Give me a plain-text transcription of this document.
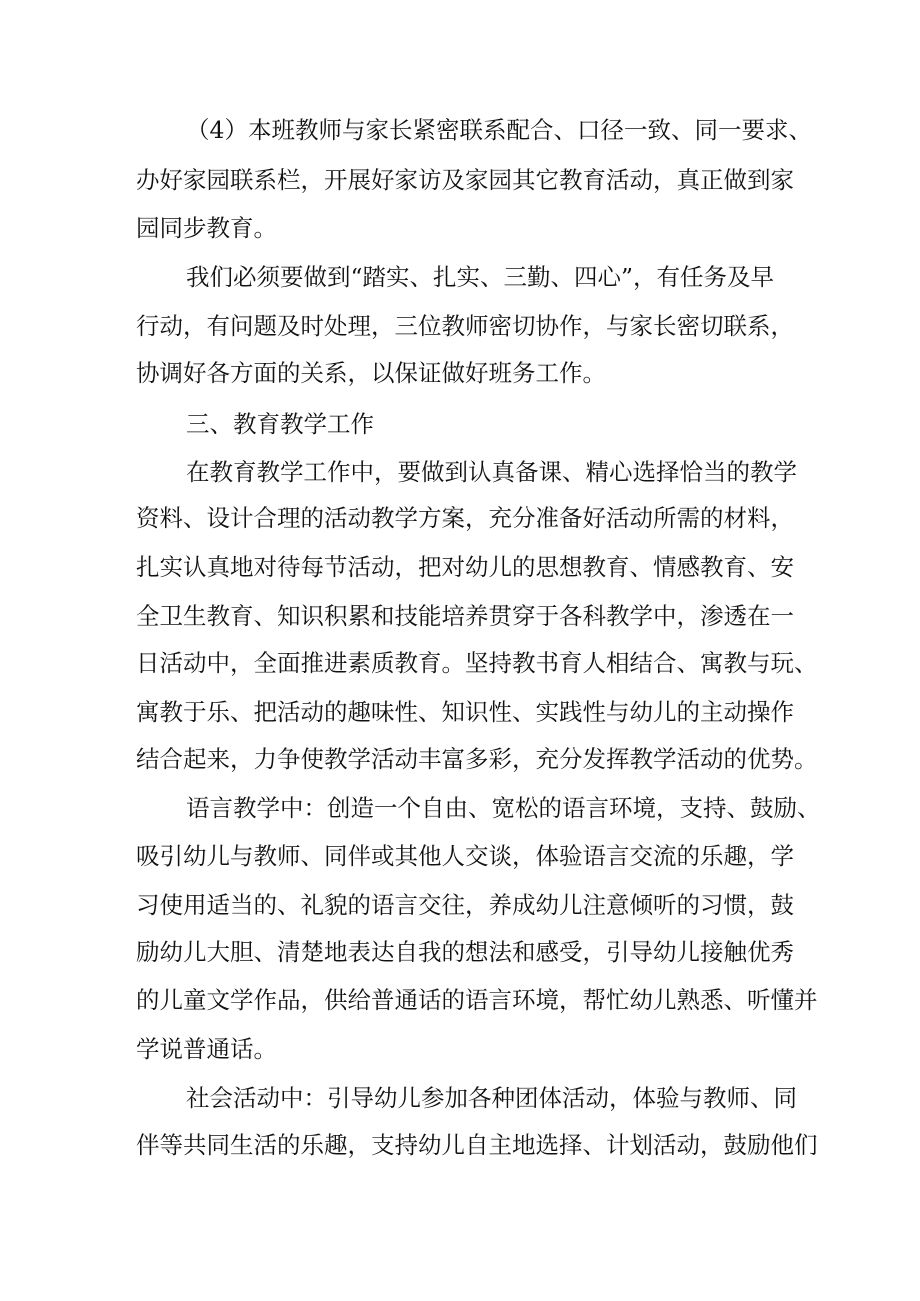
（4）本班教师与家长紧密联系配合、口径一致、同一要求、

办好家园联系栏，开展好家访及家园其它教育活动，真正做到家

园同步教育。

我们必须要做到“踏实、扎实、三勤、四心”，有任务及早

行动，有问题及时处理，三位教师密切协作，与家长密切联系，

协调好各方面的关系，以保证做好班务工作。

三、教育教学工作

在教育教学工作中，要做到认真备课、精心选择恰当的教学

资料、设计合理的活动教学方案，充分准备好活动所需的材料，

扎实认真地对待每节活动，把对幼儿的思想教育、情感教育、安

全卫生教育、知识积累和技能培养贯穿于各科教学中，渗透在一

日活动中，全面推进素质教育。坚持教书育人相结合、寓教与玩、

寓教于乐、把活动的趣味性、知识性、实践性与幼儿的主动操作

结合起来，力争使教学活动丰富多彩，充分发挥教学活动的优势。

语言教学中：创造一个自由、宽松的语言环境，支持、鼓励、

吸引幼儿与教师、同伴或其他人交谈，体验语言交流的乐趣，学

习使用适当的、礼貌的语言交往，养成幼儿注意倾听的习惯，鼓

励幼儿大胆、清楚地表达自我的想法和感受，引导幼儿接触优秀

的儿童文学作品，供给普通话的语言环境，帮忙幼儿熟悉、听懂并

学说普通话。

社会活动中：引导幼儿参加各种团体活动，体验与教师、同

伴等共同生活的乐趣，支持幼儿自主地选择、计划活动，鼓励他们
